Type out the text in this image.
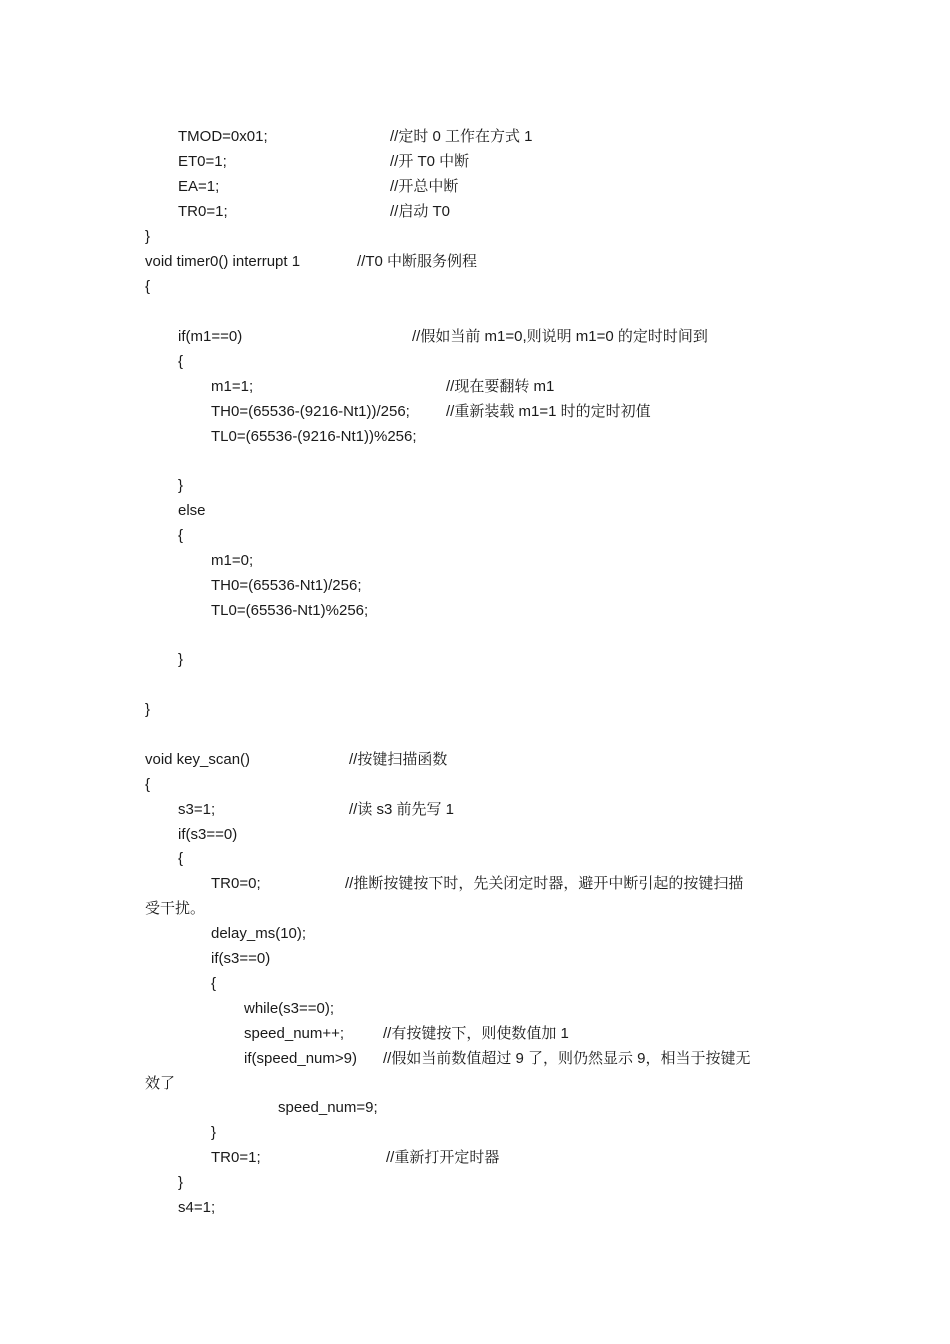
TMOD=0x01;	//定时 0 工作在方式 1
ET0=1;	//开 T0 中断
EA=1;	//开总中断
TR0=1;	//启动 T0
}
void timer0() interrupt 1	//T0 中断服务例程
{
if(m1==0)	//假如当前 m1=0,则说明 m1=0 的定时时间到
{
m1=1;	//现在要翻转 m1
TH0=(65536-(9216-Nt1))/256; //重新装载 m1=1 时的定时初值
TL0=(65536-(9216-Nt1))%256;
}
else
{
m1=0;
TH0=(65536-Nt1)/256;
TL0=(65536-Nt1)%256;
}
}
void key_scan()	//按键扫描函数
{
s3=1;	//读 s3 前先写 1
if(s3==0)
{
TR0=0;	//推断按键按下时，先关闭定时器，避开中断引起的按键扫描
受干扰。
delay_ms(10);
if(s3==0)
{
while(s3==0);
speed_num++;	//有按键按下，则使数值加 1
if(speed_num>9) //假如当前数值超过 9 了，则仍然显示 9，相当于按键无
效了
speed_num=9;
}
TR0=1;	//重新打开定时器
}
s4=1;
